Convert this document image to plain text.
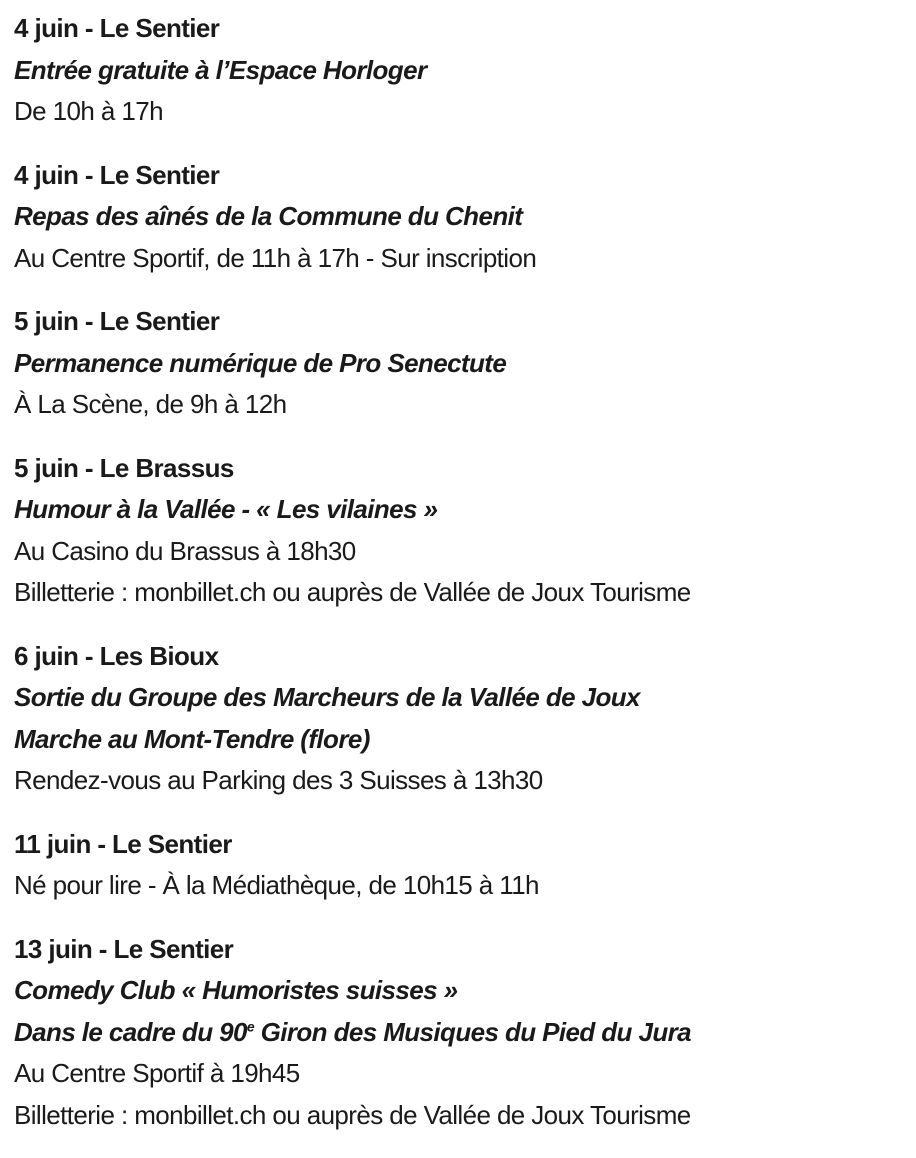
4 juin - Le Sentier
Entrée gratuite à l’Espace Horloger
De 10h à 17h
4 juin - Le Sentier
Repas des aînés de la Commune du Chenit
Au Centre Sportif, de 11h à 17h - Sur inscription
5 juin - Le Sentier
Permanence numérique de Pro Senectute
À La Scène, de 9h à 12h
5 juin - Le Brassus
Humour à la Vallée - « Les vilaines »
Au Casino du Brassus à 18h30
Billetterie : monbillet.ch ou auprès de Vallée de Joux Tourisme
6 juin - Les Bioux
Sortie du Groupe des Marcheurs de la Vallée de Joux
Marche au Mont-Tendre (flore)
Rendez-vous au Parking des 3 Suisses à 13h30
11 juin - Le Sentier
Né pour lire - À la Médiathèque, de 10h15 à 11h
13 juin - Le Sentier
Comedy Club « Humoristes suisses »
Dans le cadre du 90e Giron des Musiques du Pied du Jura
Au Centre Sportif à 19h45
Billetterie : monbillet.ch ou auprès de Vallée de Joux Tourisme
